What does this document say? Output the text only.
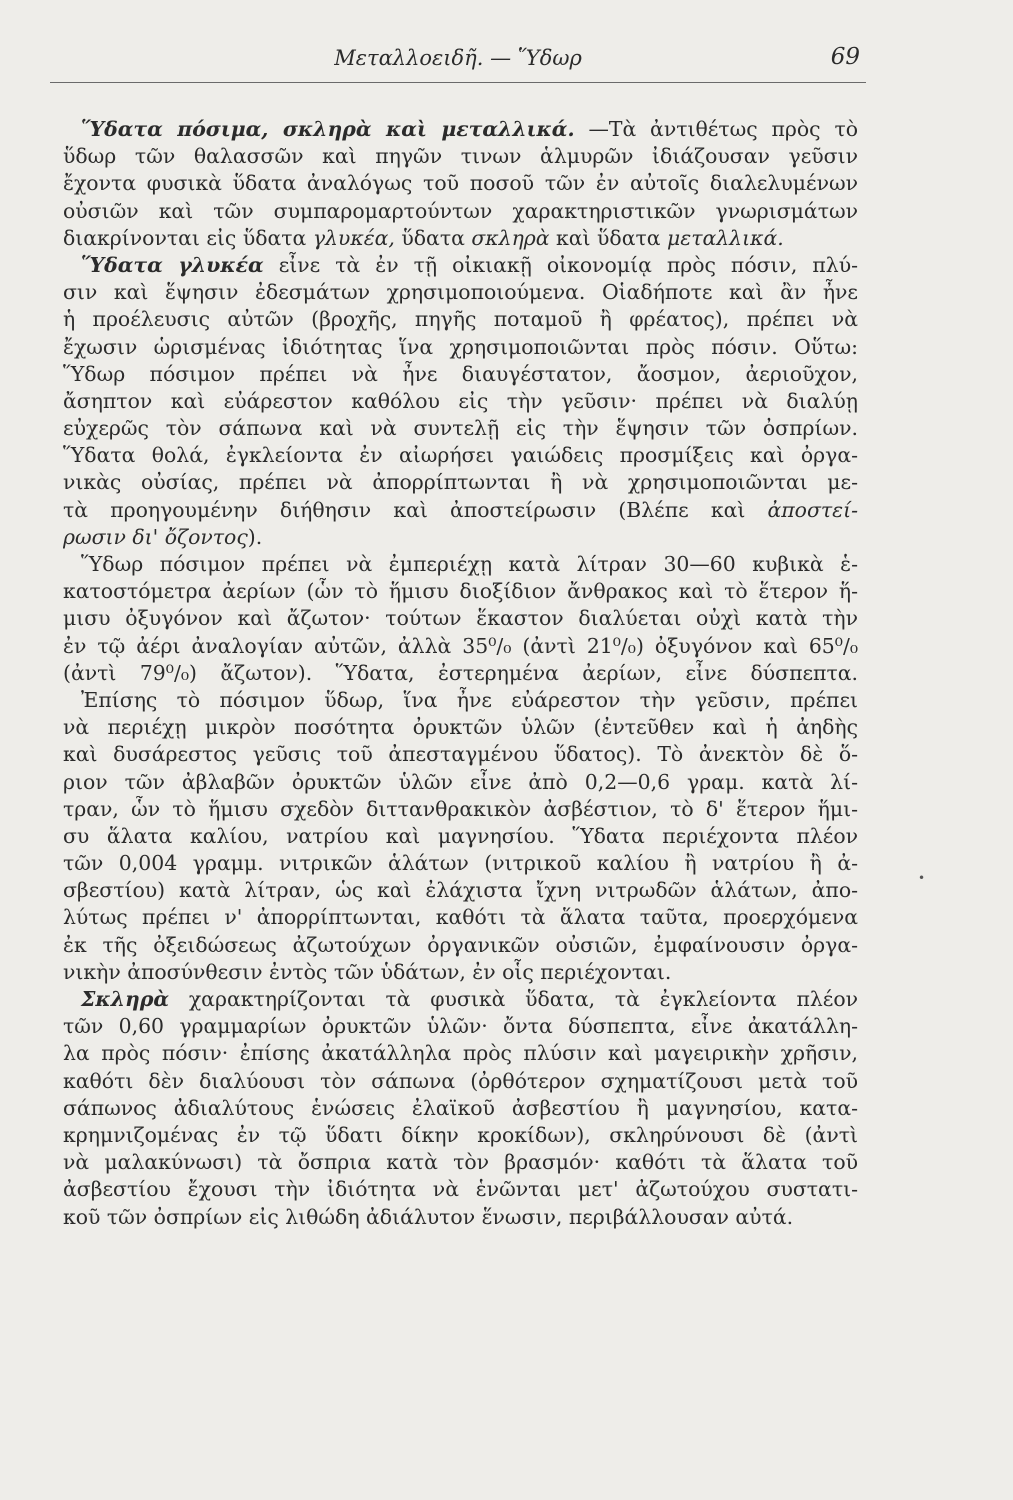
Μεταλλοειδῆ. — Ὕδωρ	69
Ὕδατα πόσιμα, σκληρὰ καὶ μεταλλικά. —Τὰ ἀντιθέτως πρὸς τὸ
ὕδωρ τῶν θαλασσῶν καὶ πηγῶν τινων ἁλμυρῶν ἰδιάζουσαν γεῦσιν
ἔχοντα φυσικὰ ὕδατα ἀναλόγως τοῦ ποσοῦ τῶν ἐν αὐτοῖς διαλελυμένων
οὐσιῶν καὶ τῶν συμπαρομαρτούντων χαρακτηριστικῶν γνωρισμάτων
διακρίνονται εἰς ὕδατα γλυκέα, ὕδατα σκληρὰ καὶ ὕδατα μεταλλικά.
Ὕδατα γλυκέα εἶνε τὰ ἐν τῇ οἰκιακῇ οἰκονομίᾳ πρὸς πόσιν, πλύ-
σιν καὶ ἕψησιν ἐδεσμάτων χρησιμοποιούμενα. Οἱαδήποτε καὶ ἂν ἦνε
ἡ προέλευσις αὐτῶν (βροχῆς, πηγῆς ποταμοῦ ἢ φρέατος), πρέπει νὰ
ἔχωσιν ὡρισμένας ἰδιότητας ἵνα χρησιμοποιῶνται πρὸς πόσιν. Οὕτω:
Ὕδωρ πόσιμον πρέπει νὰ ἦνε διαυγέστατον, ἄοσμον, ἀεριοῦχον,
ἄσηπτον καὶ εὐάρεστον καθόλου εἰς τὴν γεῦσιν· πρέπει νὰ διαλύῃ
εὐχερῶς τὸν σάπωνα καὶ νὰ συντελῇ εἰς τὴν ἕψησιν τῶν ὀσπρίων.
Ὕδατα θολά, ἐγκλείοντα ἐν αἰωρήσει γαιώδεις προσμίξεις καὶ ὀργα-
νικὰς οὐσίας, πρέπει νὰ ἀπορρίπτωνται ἢ νὰ χρησιμοποιῶνται με-
τὰ προηγουμένην διήθησιν καὶ ἀποστείρωσιν (Βλέπε καὶ ἀποστεί-
ρωσιν δι' ὄζοντος).
Ὕδωρ πόσιμον πρέπει νὰ ἐμπεριέχῃ κατὰ λίτραν 30—60 κυβικὰ ἑ-
κατοστόμετρα ἀερίων (ὧν τὸ ἥμισυ διοξίδιον ἄνθρακος καὶ τὸ ἕτερον ἥ-
μισυ ὀξυγόνον καὶ ἄζωτον· τούτων ἕκαστον διαλύεται οὐχὶ κατὰ τὴν
ἐν τῷ ἀέρι ἀναλογίαν αὐτῶν, ἀλλὰ 35⁰/₀ (ἀντὶ 21⁰/₀) ὀξυγόνον καὶ 65⁰/₀
(ἀντὶ 79⁰/₀) ἄζωτον). Ὕδατα, ἐστερημένα ἀερίων, εἶνε δύσπεπτα.
Ἐπίσης τὸ πόσιμον ὕδωρ, ἵνα ἦνε εὐάρεστον τὴν γεῦσιν, πρέπει
νὰ περιέχῃ μικρὸν ποσότητα ὀρυκτῶν ὑλῶν (ἐντεῦθεν καὶ ἡ ἀηδὴς
καὶ δυσάρεστος γεῦσις τοῦ ἀπεσταγμένου ὕδατος). Τὸ ἀνεκτὸν δὲ ὅ-
ριον τῶν ἀβλαβῶν ὀρυκτῶν ὑλῶν εἶνε ἀπὸ 0,2—0,6 γραμ. κατὰ λί-
τραν, ὧν τὸ ἥμισυ σχεδὸν διττανθρακικὸν ἀσβέστιον, τὸ δ' ἕτερον ἥμι-
συ ἅλατα καλίου, νατρίου καὶ μαγνησίου. Ὕδατα περιέχοντα πλέον
τῶν 0,004 γραμμ. νιτρικῶν ἁλάτων (νιτρικοῦ καλίου ἢ νατρίου ἢ ἀ-
σβεστίου) κατὰ λίτραν, ὡς καὶ ἐλάχιστα ἴχνη νιτρωδῶν ἁλάτων, ἀπο-
λύτως πρέπει ν' ἀπορρίπτωνται, καθότι τὰ ἅλατα ταῦτα, προερχόμενα
ἐκ τῆς ὀξειδώσεως ἀζωτούχων ὀργανικῶν οὐσιῶν, ἐμφαίνουσιν ὀργα-
νικὴν ἀποσύνθεσιν ἐντὸς τῶν ὑδάτων, ἐν οἷς περιέχονται.
Σκληρὰ χαρακτηρίζονται τὰ φυσικὰ ὕδατα, τὰ ἐγκλείοντα πλέον
τῶν 0,60 γραμμαρίων ὀρυκτῶν ὑλῶν· ὄντα δύσπεπτα, εἶνε ἀκατάλλη-
λα πρὸς πόσιν· ἐπίσης ἀκατάλληλα πρὸς πλύσιν καὶ μαγειρικὴν χρῆσιν,
καθότι δὲν διαλύουσι τὸν σάπωνα (ὀρθότερον σχηματίζουσι μετὰ τοῦ
σάπωνος ἀδιαλύτους ἑνώσεις ἐλαϊκοῦ ἀσβεστίου ἢ μαγνησίου, κατα-
κρημνιζομένας ἐν τῷ ὕδατι δίκην κροκίδων), σκληρύνουσι δὲ (ἀντὶ
νὰ μαλακύνωσι) τὰ ὄσπρια κατὰ τὸν βρασμόν· καθότι τὰ ἅλατα τοῦ
ἀσβεστίου ἔχουσι τὴν ἰδιότητα νὰ ἑνῶνται μετ' ἀζωτούχου συστατι-
κοῦ τῶν ὀσπρίων εἰς λιθώδη ἀδιάλυτον ἕνωσιν, περιβάλλουσαν αὐτά.
•
